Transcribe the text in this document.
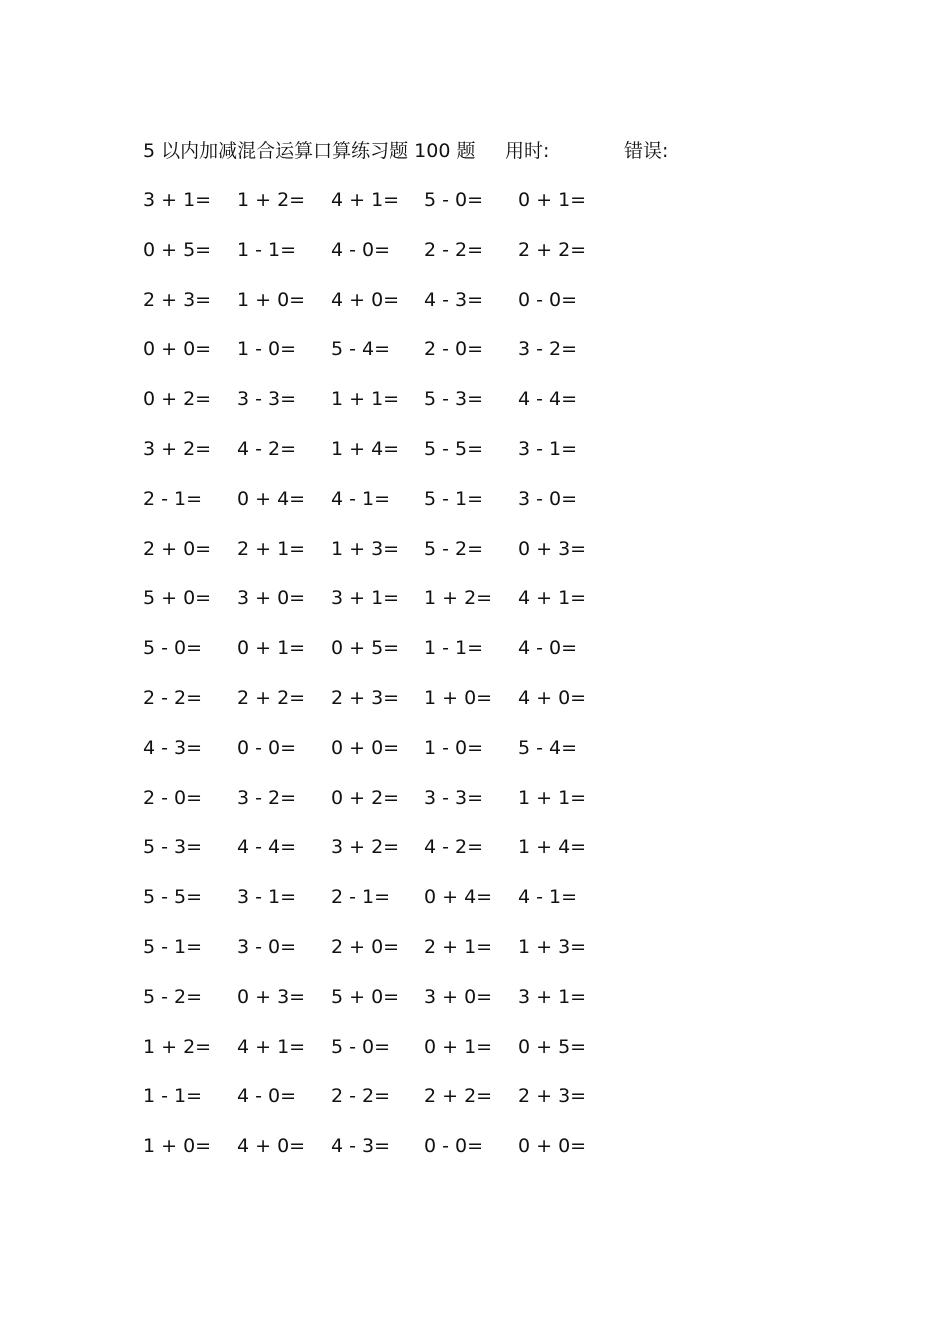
5 以内加减混合运算口算练习题 100 题 用时:	错误:
3 + 1= 1 + 2= 4 + 1= 5 - 0= 0 + 1=
0 + 5= 1 - 1= 4 - 0= 2 - 2= 2 + 2=
2 + 3= 1 + 0= 4 + 0= 4 - 3= 0 - 0=
0 + 0= 1 - 0= 5 - 4= 2 - 0= 3 - 2=
0 + 2= 3 - 3= 1 + 1= 5 - 3= 4 - 4=
3 + 2= 4 - 2= 1 + 4= 5 - 5= 3 - 1=
2 - 1= 0 + 4= 4 - 1= 5 - 1= 3 - 0=
2 + 0= 2 + 1= 1 + 3= 5 - 2= 0 + 3=
5 + 0= 3 + 0= 3 + 1= 1 + 2= 4 + 1=
5 - 0= 0 + 1= 0 + 5= 1 - 1= 4 - 0=
2 - 2= 2 + 2= 2 + 3= 1 + 0= 4 + 0=
4 - 3= 0 - 0= 0 + 0= 1 - 0= 5 - 4=
2 - 0= 3 - 2= 0 + 2= 3 - 3= 1 + 1=
5 - 3= 4 - 4= 3 + 2= 4 - 2= 1 + 4=
5 - 5= 3 - 1= 2 - 1= 0 + 4= 4 - 1=
5 - 1= 3 - 0= 2 + 0= 2 + 1= 1 + 3=
5 - 2= 0 + 3= 5 + 0= 3 + 0= 3 + 1=
1 + 2= 4 + 1= 5 - 0= 0 + 1= 0 + 5=
1 - 1= 4 - 0= 2 - 2= 2 + 2= 2 + 3=
1 + 0= 4 + 0= 4 - 3= 0 - 0= 0 + 0=
